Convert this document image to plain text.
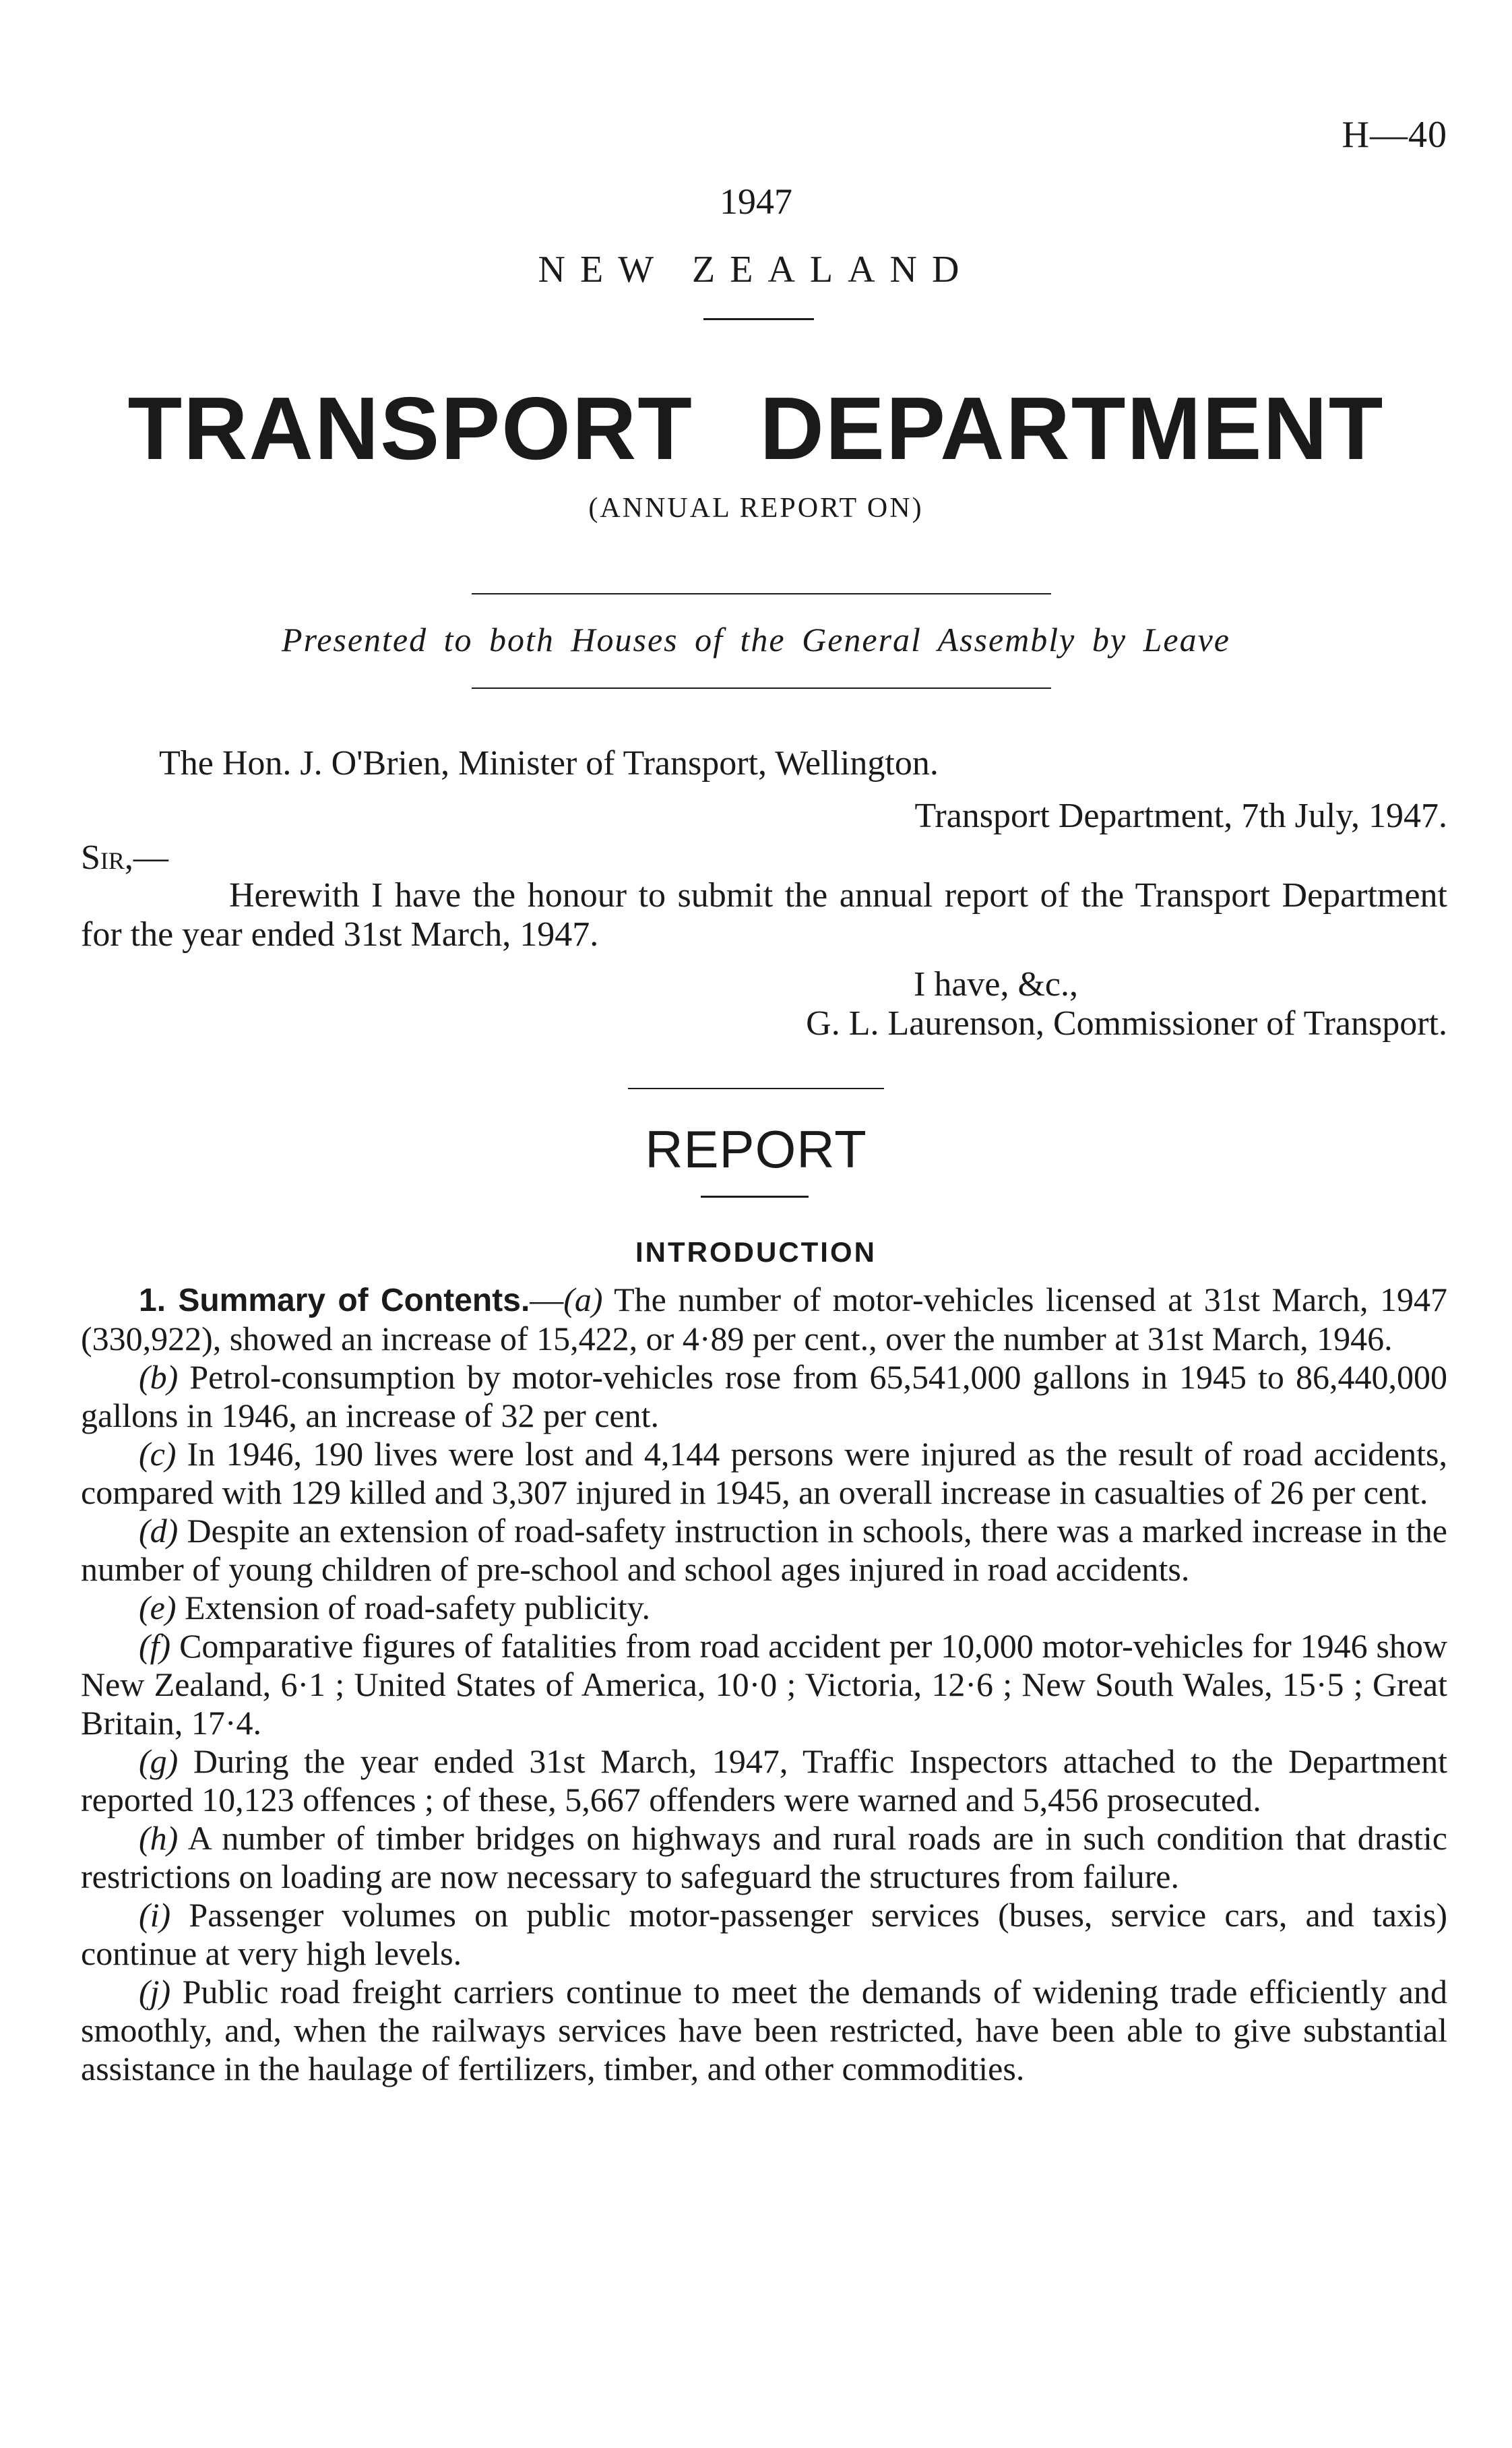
H—40
1947
NEW ZEALAND
TRANSPORT DEPARTMENT
(ANNUAL REPORT ON)
Presented to both Houses of the General Assembly by Leave
The Hon. J. O'Brien, Minister of Transport, Wellington.
Transport Department, 7th July, 1947.
Sir,—

Herewith I have the honour to submit the annual report of the Transport Department for the year ended 31st March, 1947.

I have, &c.,
G. L. Laurenson, Commissioner of Transport.
REPORT
INTRODUCTION

1. Summary of Contents.—(a) The number of motor-vehicles licensed at 31st March, 1947 (330,922), showed an increase of 15,422, or 4·89 per cent., over the number at 31st March, 1946.

(b) Petrol-consumption by motor-vehicles rose from 65,541,000 gallons in 1945 to 86,440,000 gallons in 1946, an increase of 32 per cent.

(c) In 1946, 190 lives were lost and 4,144 persons were injured as the result of road accidents, compared with 129 killed and 3,307 injured in 1945, an overall increase in casualties of 26 per cent.

(d) Despite an extension of road-safety instruction in schools, there was a marked increase in the number of young children of pre-school and school ages injured in road accidents.

(e) Extension of road-safety publicity.

(f) Comparative figures of fatalities from road accident per 10,000 motor-vehicles for 1946 show New Zealand, 6·1 ; United States of America, 10·0 ; Victoria, 12·6 ; New South Wales, 15·5 ; Great Britain, 17·4.

(g) During the year ended 31st March, 1947, Traffic Inspectors attached to the Department reported 10,123 offences ; of these, 5,667 offenders were warned and 5,456 prosecuted.

(h) A number of timber bridges on highways and rural roads are in such condition that drastic restrictions on loading are now necessary to safeguard the structures from failure.

(i) Passenger volumes on public motor-passenger services (buses, service cars, and taxis) continue at very high levels.

(j) Public road freight carriers continue to meet the demands of widening trade efficiently and smoothly, and, when the railways services have been restricted, have been able to give substantial assistance in the haulage of fertilizers, timber, and other commodities.
